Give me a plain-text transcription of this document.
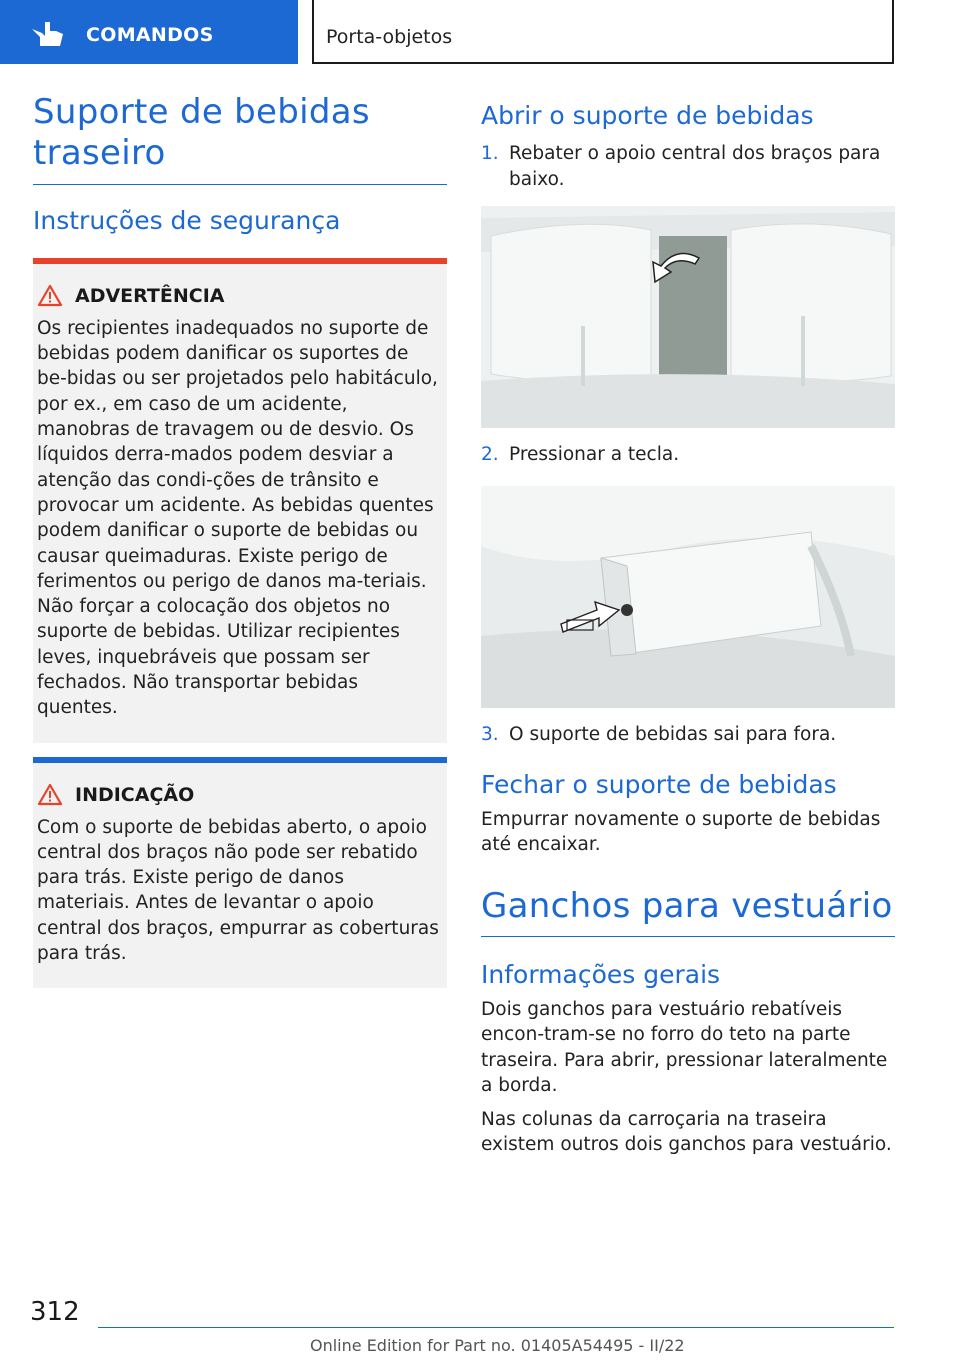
COMANDOS	Porta-objetos
Suporte de bebidas traseiro
Instruções de segurança
ADVERTÊNCIA
Os recipientes inadequados no suporte de bebidas podem danificar os suportes de be-bidas ou ser projetados pelo habitáculo, por ex., em caso de um acidente, manobras de travagem ou de desvio. Os líquidos derra-mados podem desviar a atenção das condi-ções de trânsito e provocar um acidente. As bebidas quentes podem danificar o suporte de bebidas ou causar queimaduras. Existe perigo de ferimentos ou perigo de danos ma-teriais. Não forçar a colocação dos objetos no suporte de bebidas. Utilizar recipientes leves, inquebráveis que possam ser fechados. Não transportar bebidas quentes.
INDICAÇÃO
Com o suporte de bebidas aberto, o apoio central dos braços não pode ser rebatido para trás. Existe perigo de danos materiais. Antes de levantar o apoio central dos braços, empurrar as coberturas para trás.
Abrir o suporte de bebidas
1. Rebater o apoio central dos braços para baixo.
2. Pressionar a tecla.
3. O suporte de bebidas sai para fora.
Fechar o suporte de bebidas

Empurrar novamente o suporte de bebidas até encaixar.

Ganchos para vestuário
Informações gerais

Dois ganchos para vestuário rebatíveis encon-tram-se no forro do teto na parte traseira. Para abrir, pressionar lateralmente a borda.

Nas colunas da carroçaria na traseira existem outros dois ganchos para vestuário.

312
Online Edition for Part no. 01405A54495 - II/22
